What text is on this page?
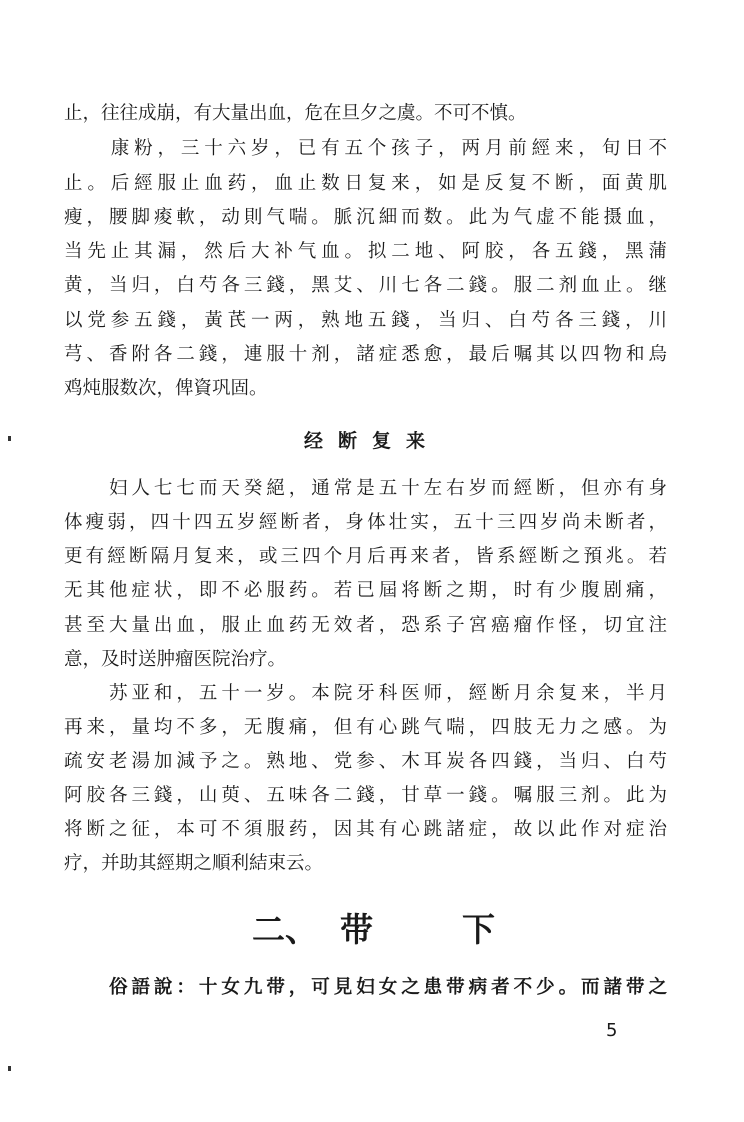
止，往往成崩，有大量出血，危在旦夕之虞。不可不慎。
　　康粉，三十六岁，已有五个孩子，两月前經来，旬日不
止。后經服止血药，血止数日复来，如是反复不断，面黄肌
瘦，腰脚痠軟，动則气喘。脈沉細而数。此为气虚不能摄血，
当先止其漏，然后大补气血。拟二地、阿胶，各五錢，黑蒲
黄，当归，白芍各三錢，黑艾、川七各二錢。服二剂血止。继
以党参五錢，黃芪一两，熟地五錢，当归、白芍各三錢，川
芎、香附各二錢，連服十剂，諸症悉愈，最后嘱其以四物和烏
鸡炖服数次，俾資巩固。
经断复来
　　妇人七七而天癸絕，通常是五十左右岁而經断，但亦有身
体瘦弱，四十四五岁經断者，身体壮实，五十三四岁尚未断者，
更有經断隔月复来，或三四个月后再来者，皆系經断之預兆。若
无其他症状，即不必服药。若已屆将断之期，时有少腹剧痛，
甚至大量出血，服止血药无效者，恐系子宮癌瘤作怪，切宜注
意，及时送肿瘤医院治疗。
　　苏亚和，五十一岁。本院牙科医师，經断月余复来，半月
再来，量均不多，无腹痛，但有心跳气喘，四肢无力之感。为
疏安老湯加減予之。熟地、党参、木耳炭各四錢，当归、白芍
阿胶各三錢，山萸、五味各二錢，甘草一錢。嘱服三剂。此为
将断之征，本可不須服药，因其有心跳諸症，故以此作对症治
疗，并助其經期之順利結束云。
二、 带	下
　　俗語說：十女九带，可見妇女之患带病者不少。而諸带之
5
